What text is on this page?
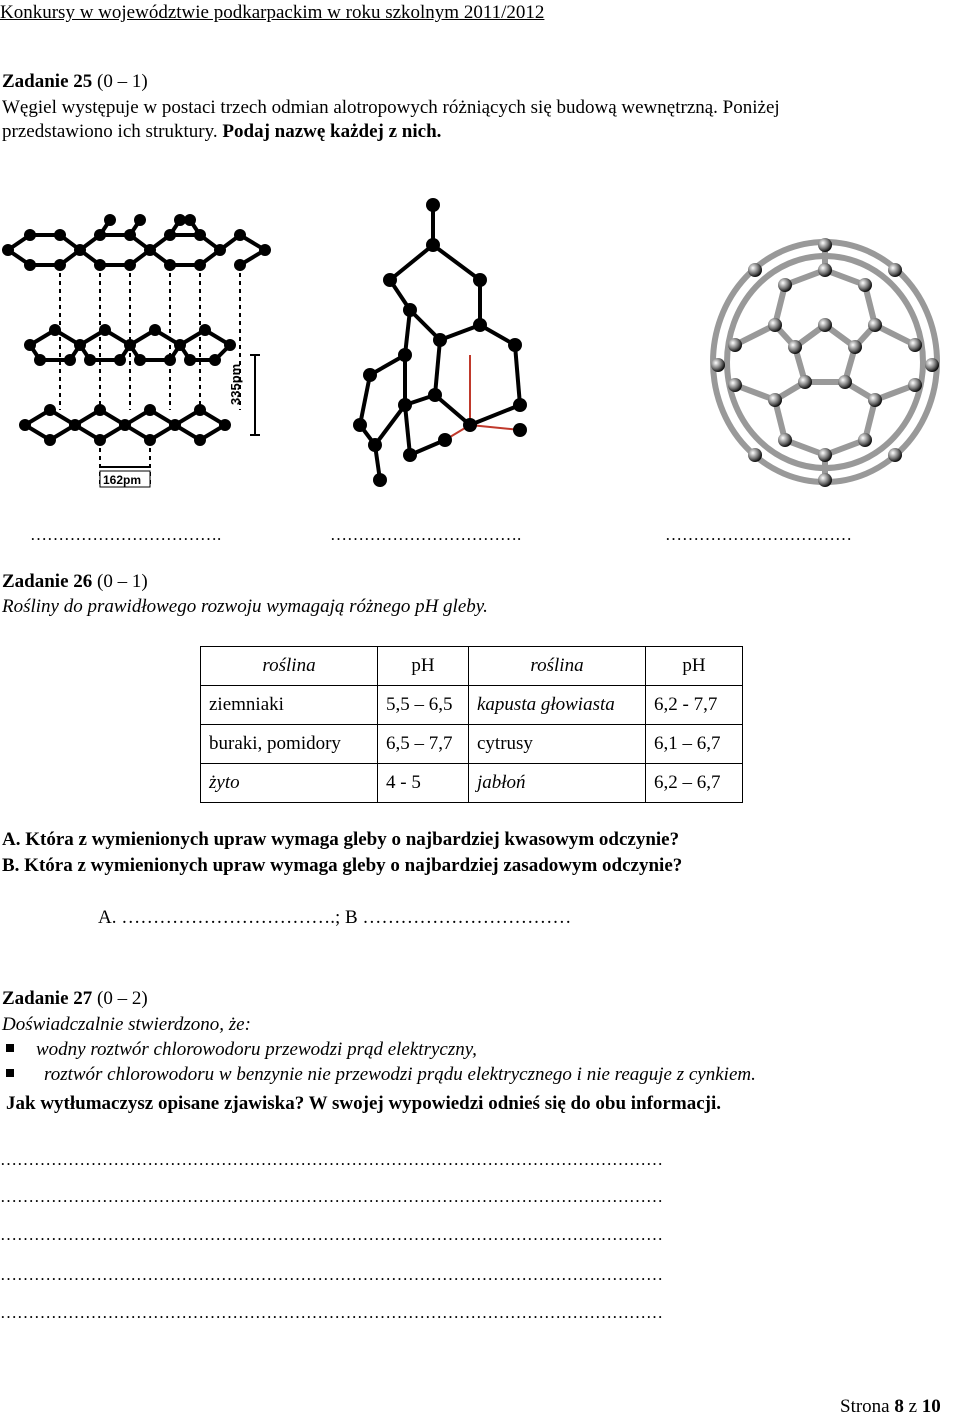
Konkursy w województwie podkarpackim w roku szkolnym 2011/2012
Zadanie 25 (0 – 1)
Węgiel występuje w postaci trzech odmian alotropowych różniących się budową wewnętrzną. Poniżej
przedstawiono ich struktury. Podaj nazwę każdej z nich.
335pm
162pm
…………………………….	…………………………….	……………………………
Zadanie 26 (0 – 1)
Rośliny do prawidłowego rozwoju wymagają różnego pH gleby.
roślina	pH	roślina	pH
ziemniaki	5,5 – 6,5	kapusta głowiasta	6,2 - 7,7
buraki, pomidory	6,5 – 7,7	cytrusy	6,1 – 6,7
żyto	4 - 5	jabłoń	6,2 – 6,7
A. Która z wymienionych upraw wymaga gleby o najbardziej kwasowym odczynie?
B. Która z wymienionych upraw wymaga gleby o najbardziej zasadowym odczynie?
A. …………………………….; B ……………………………
Zadanie 27 (0 – 2)
Doświadczalnie stwierdzono, że:
wodny roztwór chlorowodoru przewodzi prąd elektryczny,
roztwór chlorowodoru w benzynie nie przewodzi prądu elektrycznego i nie reaguje z cynkiem.
Jak wytłumaczysz opisane zjawiska? W swojej wypowiedzi odnieś się do obu informacji.
………………………………………………………………………………………………………
………………………………………………………………………………………………………
………………………………………………………………………………………………………
………………………………………………………………………………………………………
………………………………………………………………………………………………………
Strona 8 z 10
